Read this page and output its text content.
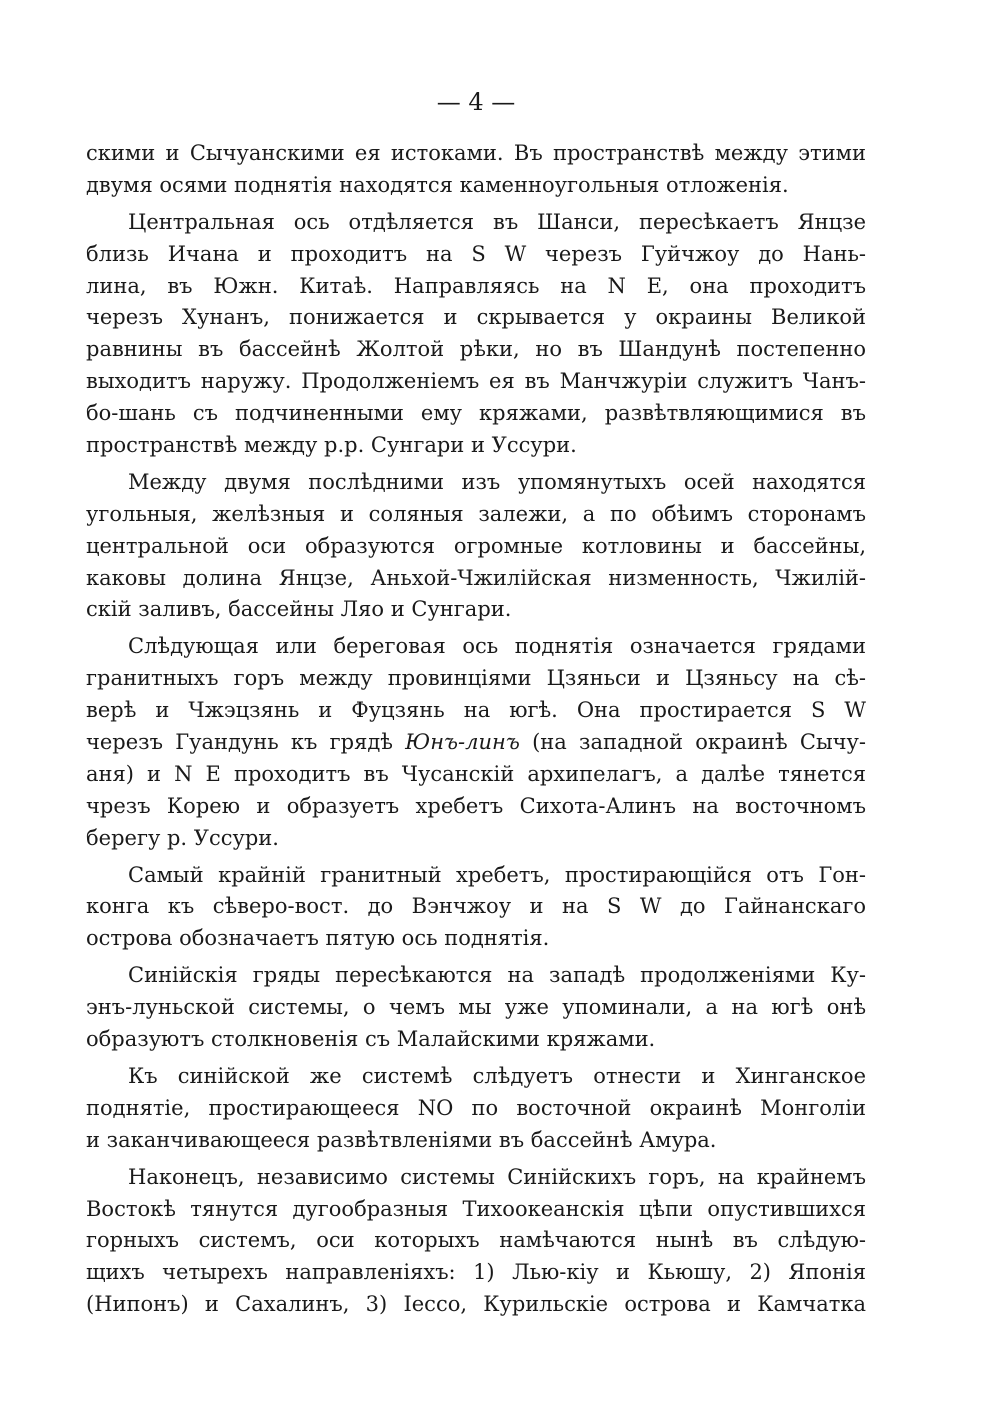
— 4 —
скими и Сычуанскими ея истоками. Въ пространствѣ между этими
двумя осями поднятія находятся каменноугольныя отложенія.
Центральная ось отдѣляется въ Шанси, пересѣкаетъ Янцзе
близь Ичана и проходитъ на S W черезъ Гуйчжоу до Нань-
лина, въ Южн. Китаѣ. Направляясь на N E, она проходитъ
черезъ Хунанъ, понижается и скрывается у окраины Великой
равнины въ бассейнѣ Жолтой рѣки, но въ Шандунѣ постепенно
выходитъ наружу. Продолженіемъ ея въ Манчжуріи служитъ Чанъ-
бо-шань съ подчиненными ему кряжами, развѣтвляющимися въ
пространствѣ между р.р. Сунгари и Уссури.
Между двумя послѣдними изъ упомянутыхъ осей находятся
угольныя, желѣзныя и соляныя залежи, а по обѣимъ сторонамъ
центральной оси образуются огромные котловины и бассейны,
каковы долина Янцзе, Аньхой-Чжилійская низменность, Чжилій-
скій заливъ, бассейны Ляо и Сунгари.
Слѣдующая или береговая ось поднятія означается грядами
гранитныхъ горъ между провинціями Цзяньси и Цзяньсу на сѣ-
верѣ и Чжэцзянь и Фуцзянь на югѣ. Она простирается S W
черезъ Гуандунь къ грядѣ Юнъ-линъ (на западной окраинѣ Сычу-
аня) и N E проходитъ въ Чусанскій архипелагъ, а далѣе тянется
чрезъ Корею и образуетъ хребетъ Сихота-Алинъ на восточномъ
берегу р. Уссури.
Самый крайній гранитный хребетъ, простирающійся отъ Гон-
конга къ сѣверо-вост. до Вэнчжоу и на S W до Гайнанскаго
острова обозначаетъ пятую ось поднятія.
Синійскія гряды пересѣкаются на западѣ продолженіями Ку-
энъ-луньской системы, о чемъ мы уже упоминали, а на югѣ онѣ
образуютъ столкновенія съ Малайскими кряжами.
Къ синійской же системѣ слѣдуетъ отнести и Хинганское
поднятіе, простирающееся NO по восточной окраинѣ Монголіи
и заканчивающееся развѣтвленіями въ бассейнѣ Амура.
Наконецъ, независимо системы Синійскихъ горъ, на крайнемъ
Востокѣ тянутся дугообразныя Тихоокеанскія цѣпи опустившихся
горныхъ системъ, оси которыхъ намѣчаются нынѣ въ слѣдую-
щихъ четырехъ направленіяхъ: 1) Лью-кіу и Кьюшу, 2) Японія
(Нипонъ) и Сахалинъ, 3) Іессо, Курильскіе острова и Камчатка
